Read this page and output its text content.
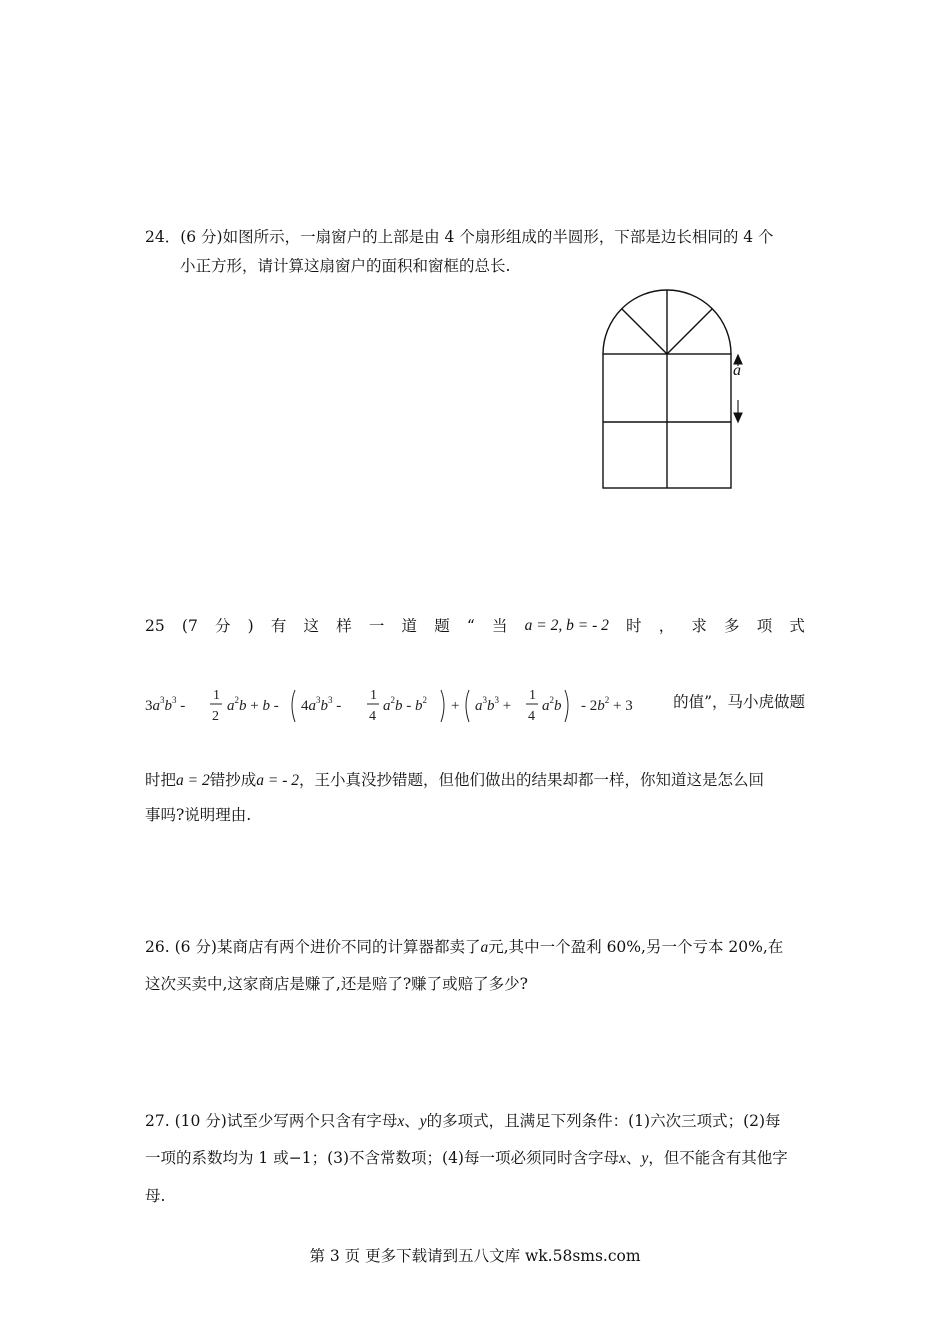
24．(6 分)如图所示，一扇窗户的上部是由 4 个扇形组成的半圆形，下部是边长相同的 4 个
小正方形，请计算这扇窗户的面积和窗框的总长.
a
25 (7 分 ) 有 这 样 一 道 题 “ 当 a = 2, b = - 2 时 ， 求 多 项 式
$3a^3b^3$ -
1
2
$a^2b + b - 4a^3b^3$ -
1
4
$a^2b - b^2 + a^3b^3$ +
1
4
$a^2b - 2b^2 + 3$	的值”，马小虎做题
时把a = 2错抄成a = - 2，王小真没抄错题，但他们做出的结果却都一样，你知道这是怎么回
事吗?说明理由.
26. (6 分)某商店有两个进价不同的计算器都卖了a元,其中一个盈利 60%,另一个亏本 20%,在
这次买卖中,这家商店是赚了,还是赔了?赚了或赔了多少?
27. (10 分)试至少写两个只含有字母x、y的多项式，且满足下列条件：(1)六次三项式；(2)每
一项的系数均为 1 或−1；(3)不含常数项；(4)每一项必须同时含字母x、y，但不能含有其他字
母.
第 3 页 更多下载请到五八文库 wk.58sms.com
